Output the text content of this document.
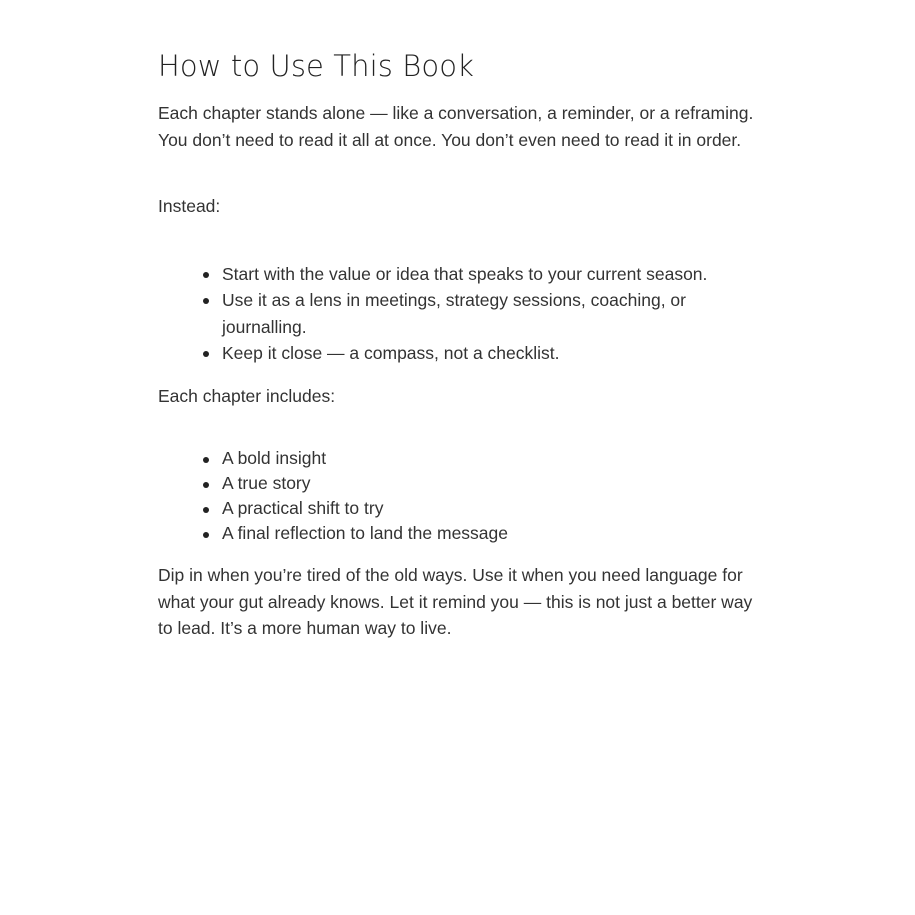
How to Use This Book

Each chapter stands alone — like a conversation, a reminder, or a reframing. You don’t need to read it all at once. You don’t even need to read it in order.

Instead:

Start with the value or idea that speaks to your current season.
Use it as a lens in meetings, strategy sessions, coaching, or journalling.
Keep it close — a compass, not a checklist.

Each chapter includes:

A bold insight
A true story
A practical shift to try
A final reflection to land the message

Dip in when you’re tired of the old ways. Use it when you need language for what your gut already knows. Let it remind you — this is not just a better way to lead. It’s a more human way to live.
